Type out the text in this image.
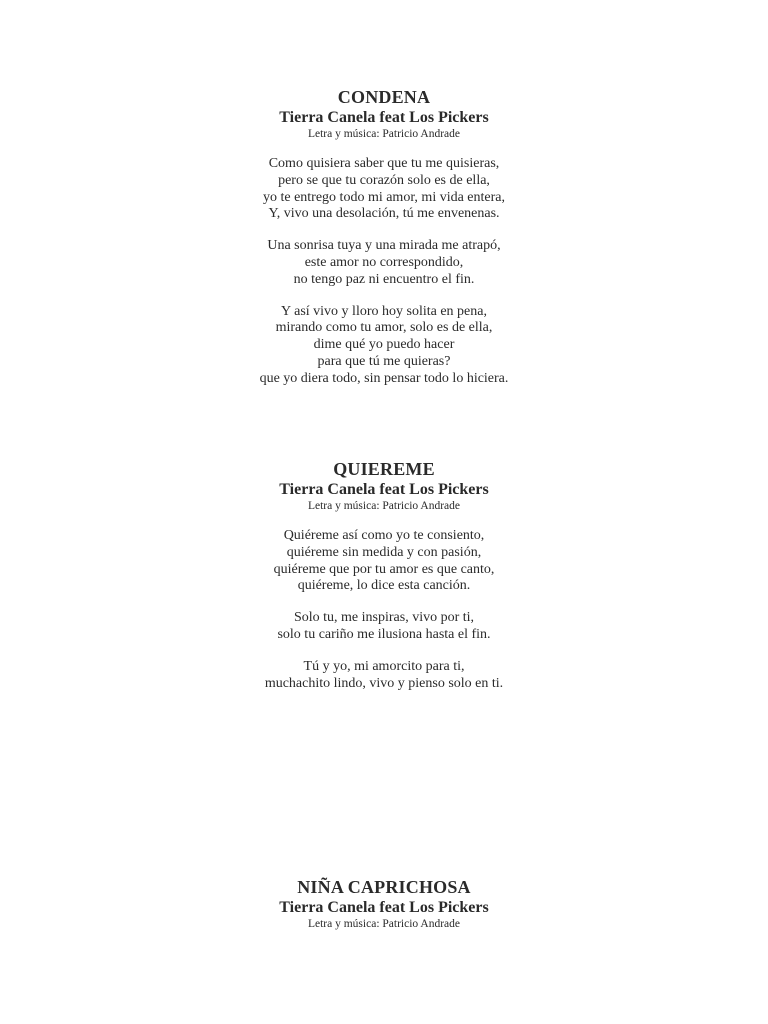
CONDENA
Tierra Canela feat Los Pickers
Letra y música: Patricio Andrade
Como quisiera saber que tu me quisieras,
pero se que tu corazón solo es de ella,
yo te entrego todo mi amor, mi vida entera,
Y, vivo una desolación, tú me envenenas.
Una sonrisa tuya y una mirada me atrapó,
este amor no correspondido,
no tengo paz ni encuentro el fin.
Y así vivo y lloro hoy solita en pena,
mirando como tu amor, solo es de ella,
dime qué yo puedo hacer
para que tú me quieras?
que yo diera todo, sin pensar todo lo hiciera.
QUIEREME
Tierra Canela feat Los Pickers
Letra y música: Patricio Andrade
Quiéreme así como yo te consiento,
quiéreme sin medida y con pasión,
quiéreme que por tu amor es que canto,
quiéreme, lo dice esta canción.
Solo tu, me inspiras, vivo por ti,
solo tu cariño me ilusiona hasta el fin.
Tú y yo, mi amorcito para ti,
muchachito lindo, vivo y pienso solo en ti.
NIÑA CAPRICHOSA
Tierra Canela feat Los Pickers
Letra y música: Patricio Andrade
